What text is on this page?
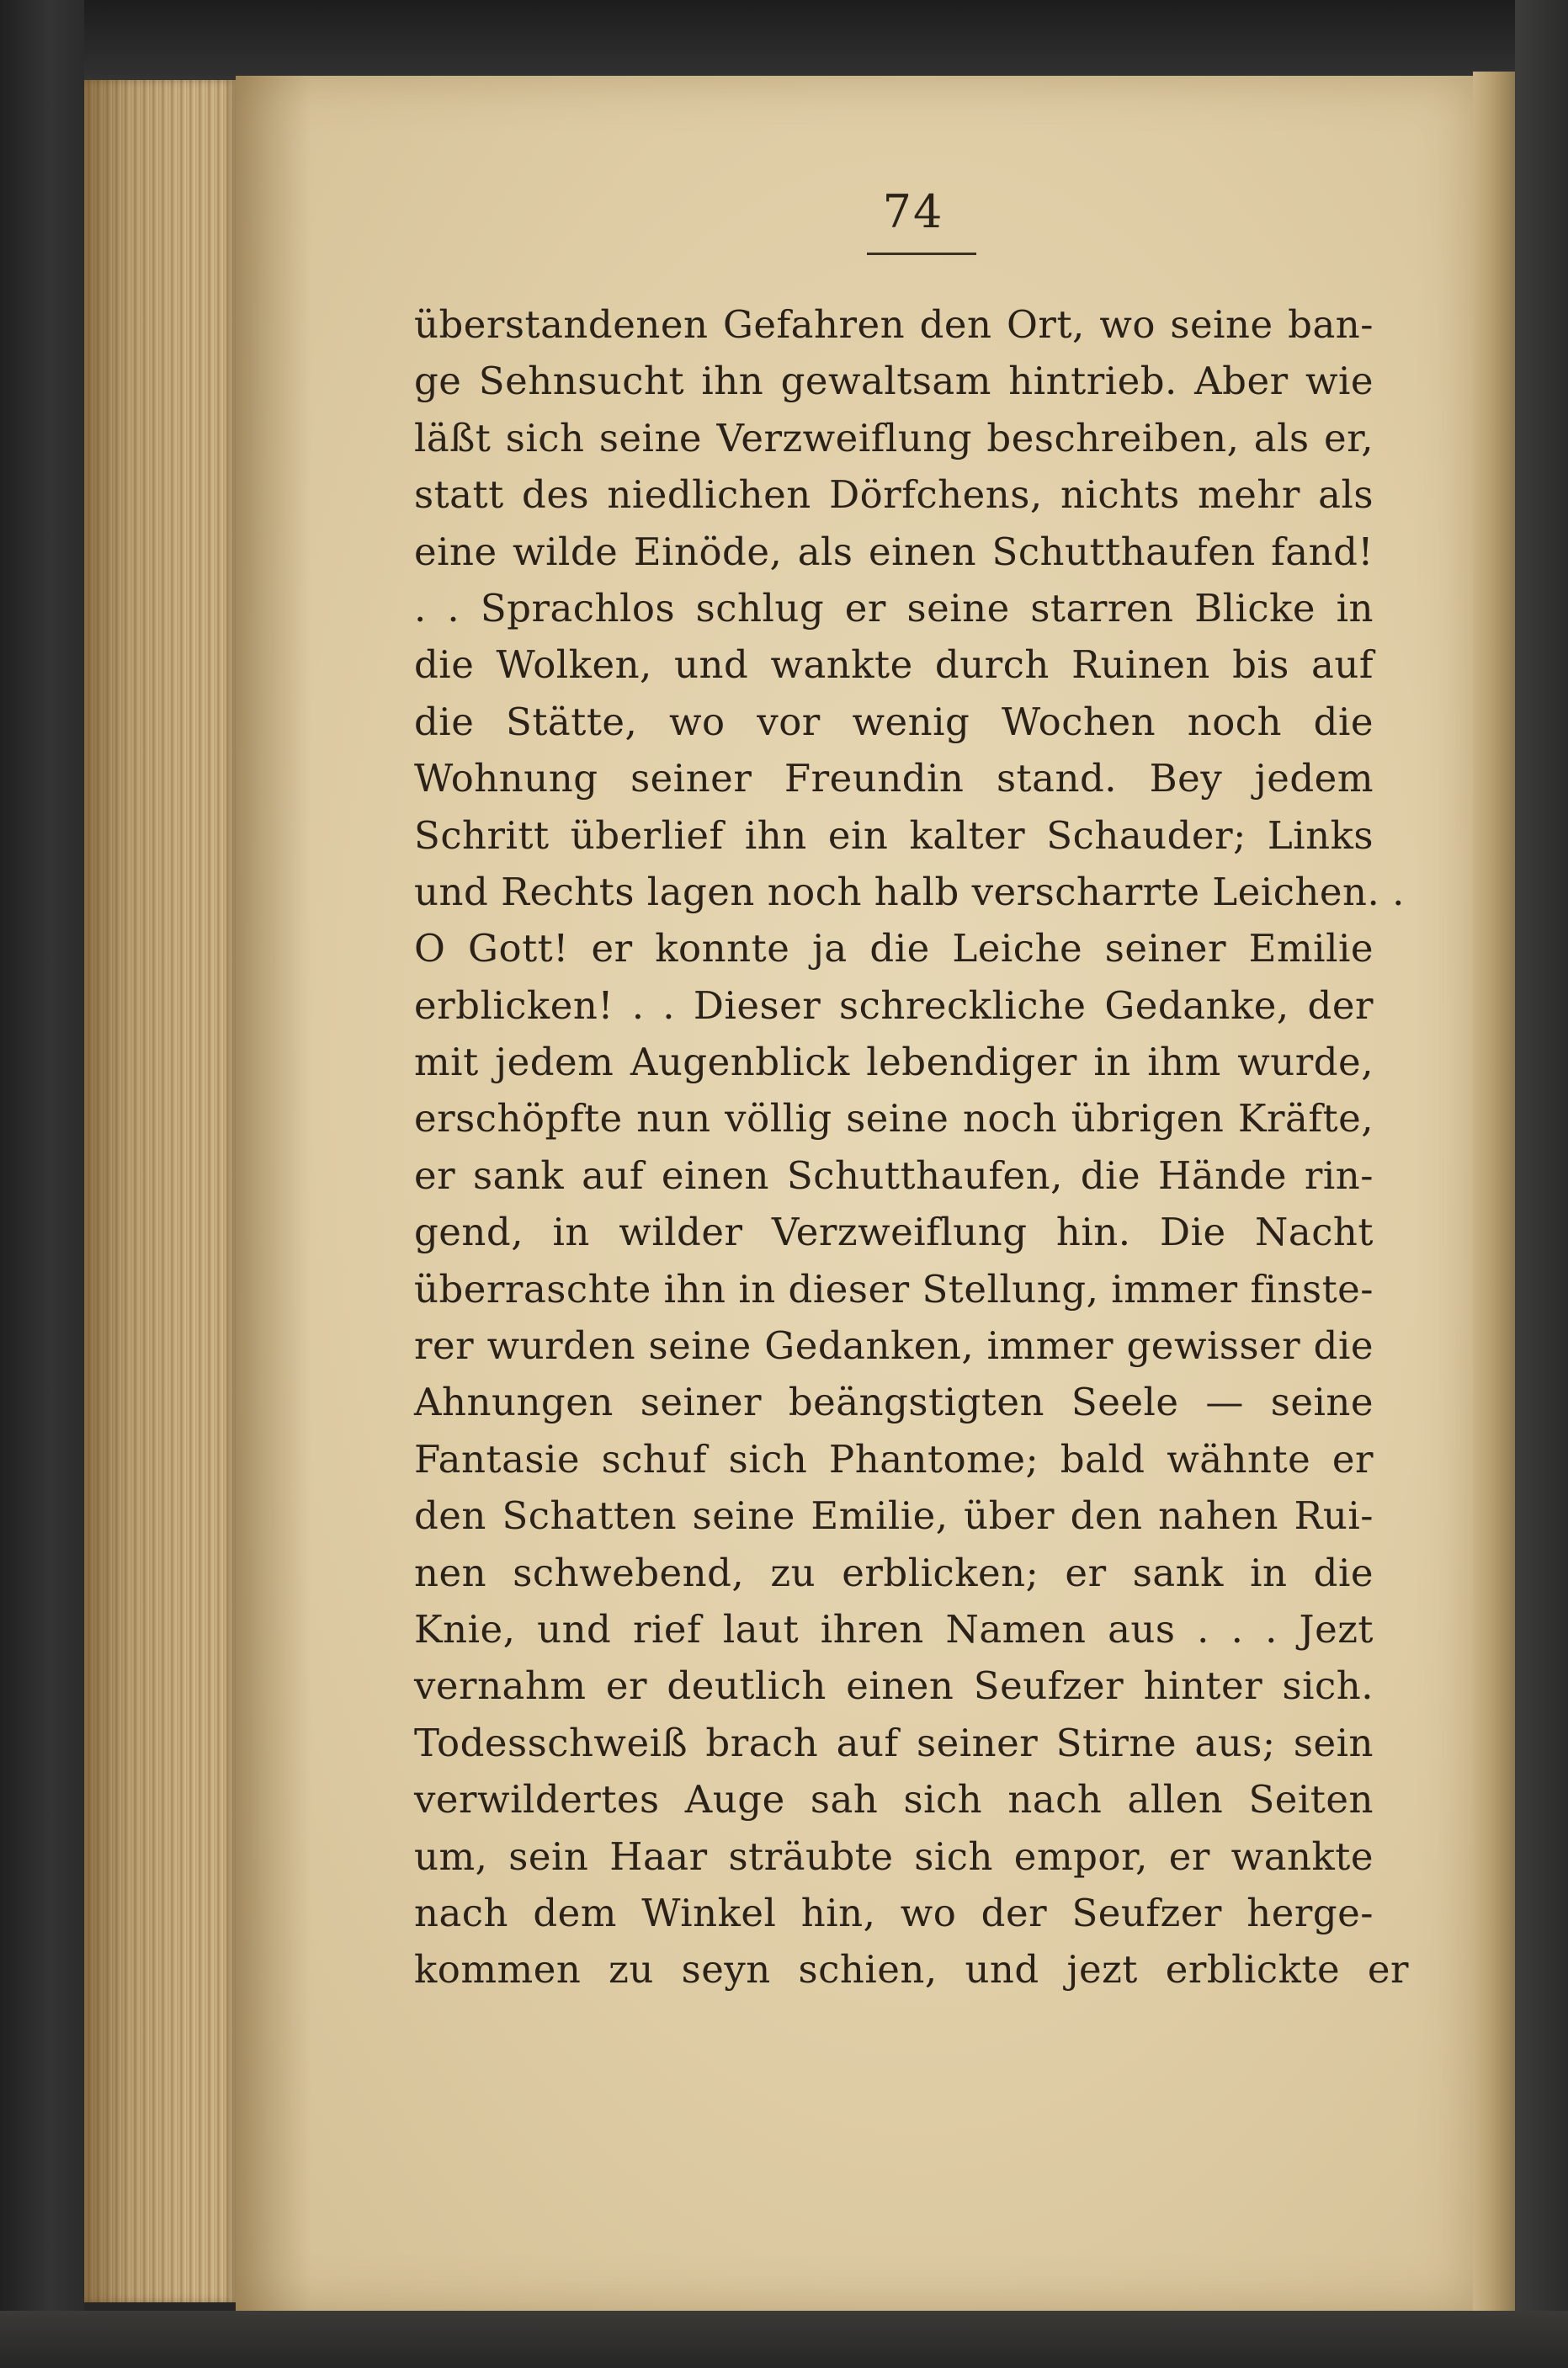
74
überstandenen Gefahren den Ort, wo seine ban-
ge Sehnsucht ihn gewaltsam hintrieb. Aber wie
läßt sich seine Verzweiflung beschreiben, als er,
statt des niedlichen Dörfchens, nichts mehr als
eine wilde Einöde, als einen Schutthaufen fand!
. . Sprachlos schlug er seine starren Blicke in
die Wolken, und wankte durch Ruinen bis auf
die Stätte, wo vor wenig Wochen noch die
Wohnung seiner Freundin stand. Bey jedem
Schritt überlief ihn ein kalter Schauder; Links
und Rechts lagen noch halb verscharrte Leichen. .
O Gott! er konnte ja die Leiche seiner Emilie
erblicken! . . Dieser schreckliche Gedanke, der
mit jedem Augenblick lebendiger in ihm wurde,
erschöpfte nun völlig seine noch übrigen Kräfte,
er sank auf einen Schutthaufen, die Hände rin-
gend, in wilder Verzweiflung hin. Die Nacht
überraschte ihn in dieser Stellung, immer finste-
rer wurden seine Gedanken, immer gewisser die
Ahnungen seiner beängstigten Seele — seine
Fantasie schuf sich Phantome; bald wähnte er
den Schatten seine Emilie, über den nahen Rui-
nen schwebend, zu erblicken; er sank in die
Knie, und rief laut ihren Namen aus . . . Jezt
vernahm er deutlich einen Seufzer hinter sich.
Todesschweiß brach auf seiner Stirne aus; sein
verwildertes Auge sah sich nach allen Seiten
um, sein Haar sträubte sich empor, er wankte
nach dem Winkel hin, wo der Seufzer herge-
kommen zu seyn schien, und jezt erblickte er
